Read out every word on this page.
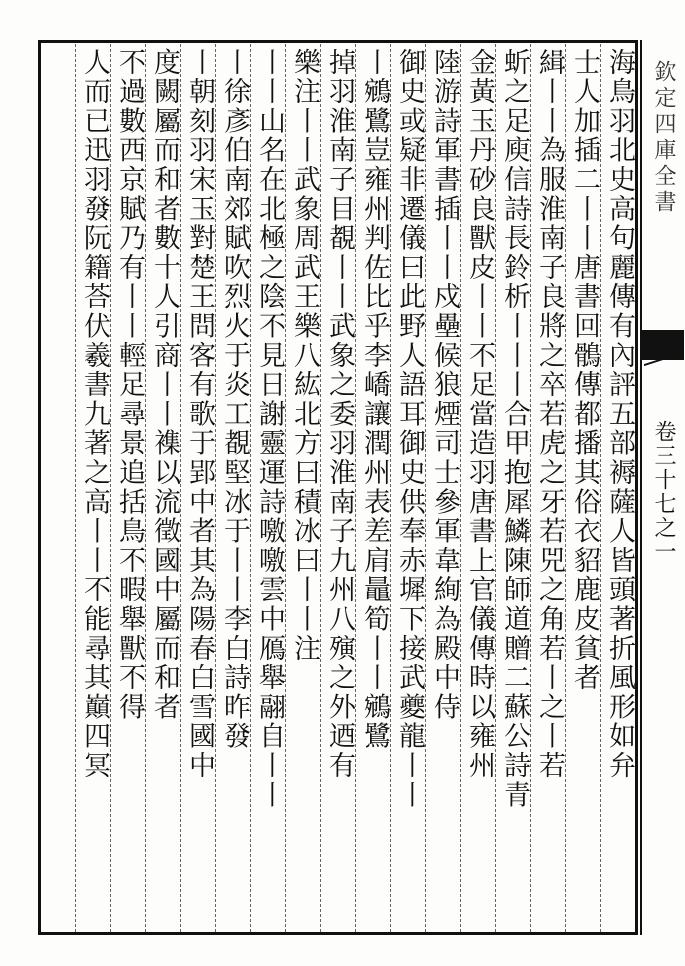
欽定四庫全書
卷三十七之一
海鳥羽北史高句麗傳有內評五部褥薩人皆頭著折風形如弁
士人加插二丨丨唐書回鶻傳都播其俗衣貂鹿皮貧者
緝丨丨為服淮南子良將之卒若虎之牙若兕之角若丨之丨若
蚚之足庾信詩長鈴析丨丨丨合甲抱犀鱗陳師道贈二蘇公詩青
金黃玉丹砂良獸皮丨丨不足當造羽唐書上官儀傳時以雍州
陸游詩軍書插丨丨戍壘候狼煙司士參軍韋絢為殿中侍
御史或疑非遷儀曰此野人語耳御史供奉赤墀下接武夔龍丨丨
丨鵷鷺豈雍州判佐比乎李嶠讓潤州表差肩鼂筍丨丨鵷鷺
掉羽淮南子目覩丨丨武象之委羽淮南子九州八殥之外迺有
樂注丨丨武象周武王樂八紘北方曰積冰曰丨丨注
丨丨山名在北極之陰不見日謝靈運詩噭噭雲中鴈舉翮自丨丨
丨徐彥伯南郊賦吹烈火于炎工覩堅冰于丨丨李白詩昨發
丨朝刻羽宋玉對楚王問客有歌于郢中者其為陽春白雪國中
度闕屬而和者數十人引商丨丨襍以流徵國中屬而和者
不過數西京賦乃有丨丨輕足尋景追括鳥不暇舉獸不得
人而已迅羽發阮籍荅伏羲書九著之高丨丨不能尋其巔四冥
